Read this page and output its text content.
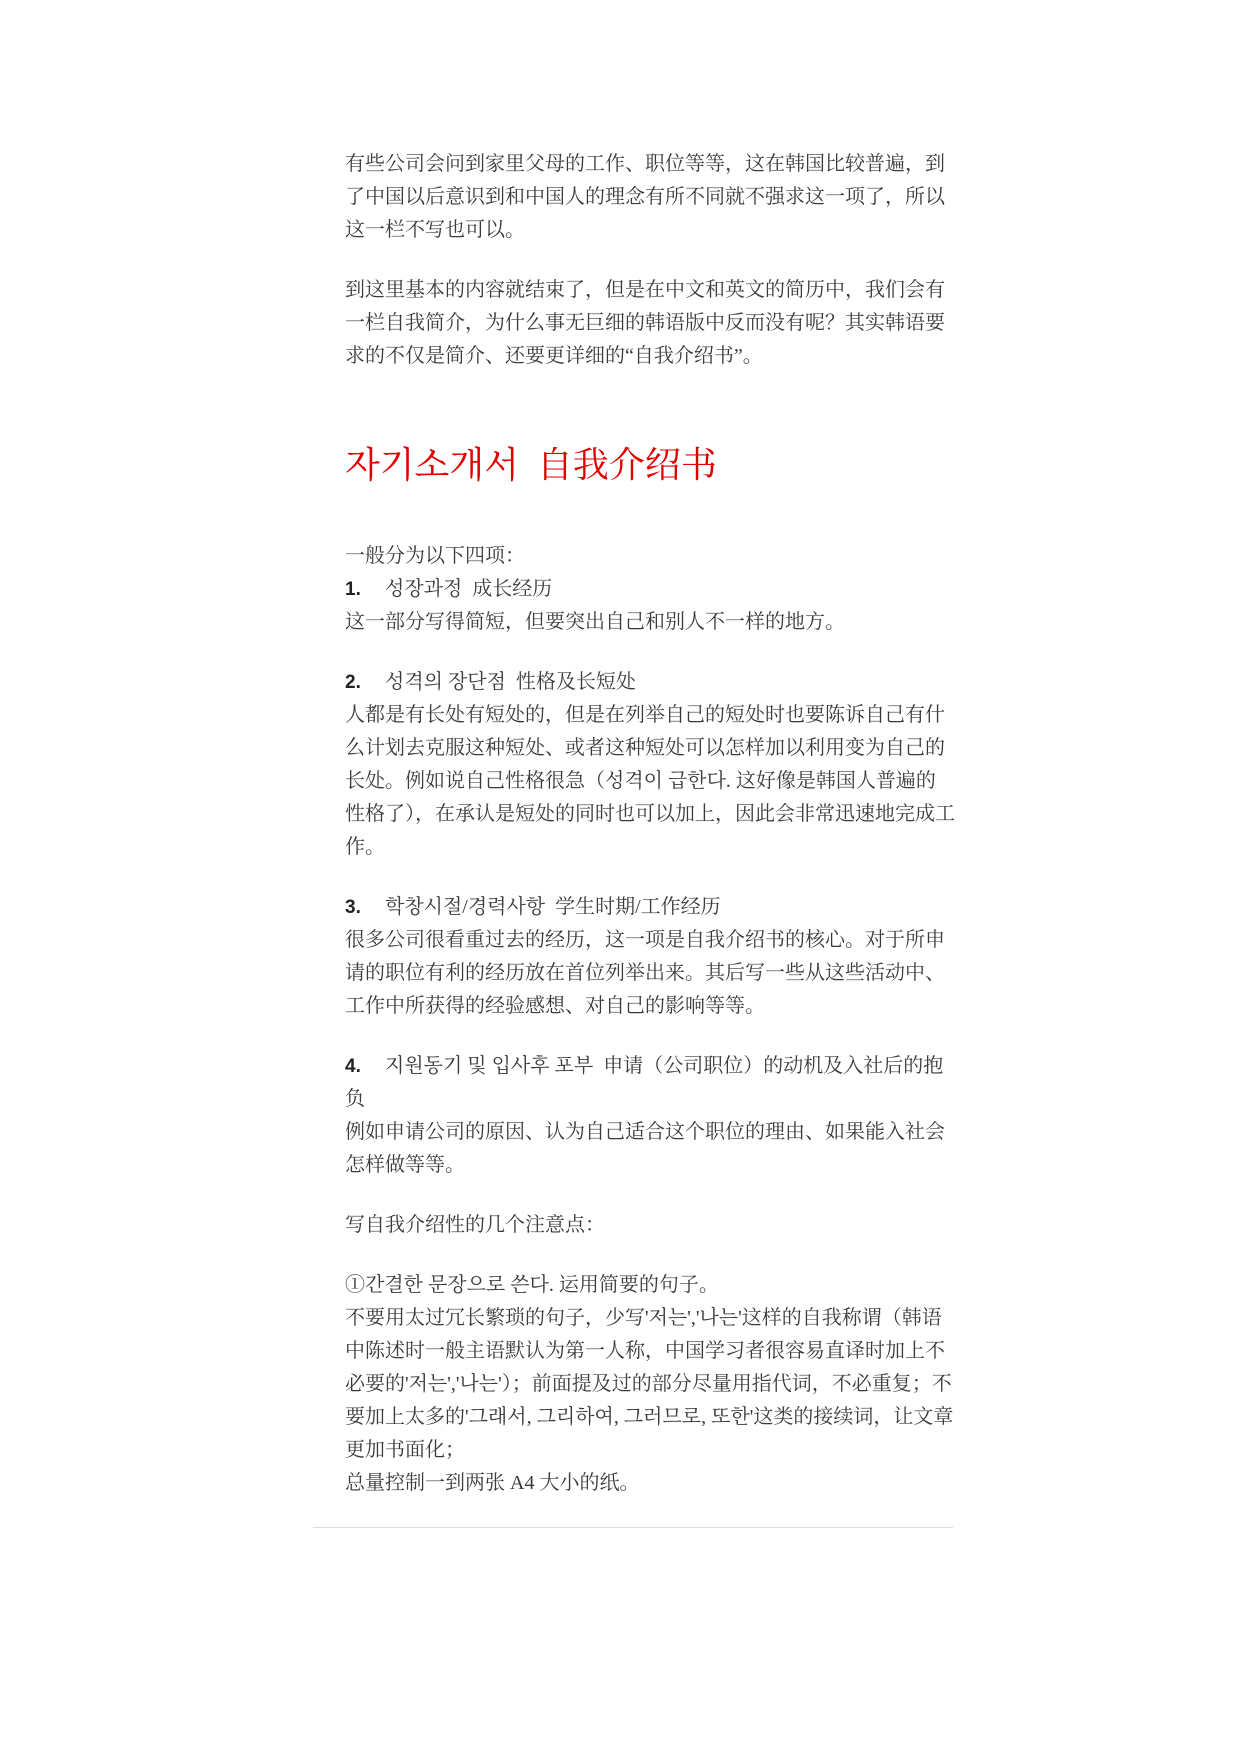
有些公司会问到家里父母的工作、职位等等，这在韩国比较普遍，到了中国以后意识到和中国人的理念有所不同就不强求这一项了，所以这一栏不写也可以。

到这里基本的内容就结束了，但是在中文和英文的简历中，我们会有一栏自我简介，为什么事无巨细的韩语版中反而没有呢？其实韩语要求的不仅是简介、还要更详细的“自我介绍书”。

자기소개서  自我介绍书

一般分为以下四项：

1. 성장과정  成长经历
这一部分写得简短，但要突出自己和别人不一样的地方。
2. 성격의 장단점  性格及长短处
人都是有长处有短处的，但是在列举自己的短处时也要陈诉自己有什么计划去克服这种短处、或者这种短处可以怎样加以利用变为自己的长处。例如说自己性格很急（성격이 급한다. 这好像是韩国人普遍的性格了），在承认是短处的同时也可以加上，因此会非常迅速地完成工作。
3. 학창시절/경력사항  学生时期/工作经历
很多公司很看重过去的经历，这一项是自我介绍书的核心。对于所申请的职位有利的经历放在首位列举出来。其后写一些从这些活动中、工作中所获得的经验感想、对自己的影响等等。
4. 지원동기 및 입사후 포부  申请（公司职位）的动机及入社后的抱负
例如申请公司的原因、认为自己适合这个职位的理由、如果能入社会怎样做等等。

写自我介绍性的几个注意点：

①간결한 문장으로 쓴다. 运用简要的句子。

不要用太过冗长繁琐的句子，少写'저는','나는'这样的自我称谓（韩语中陈述时一般主语默认为第一人称，中国学习者很容易直译时加上不必要的'저는','나는'）；前面提及过的部分尽量用指代词，不必重复；不要加上太多的'그래서, 그리하여, 그러므로, 또한'这类的接续词，让文章更加书面化；

总量控制一到两张 A4 大小的纸。
